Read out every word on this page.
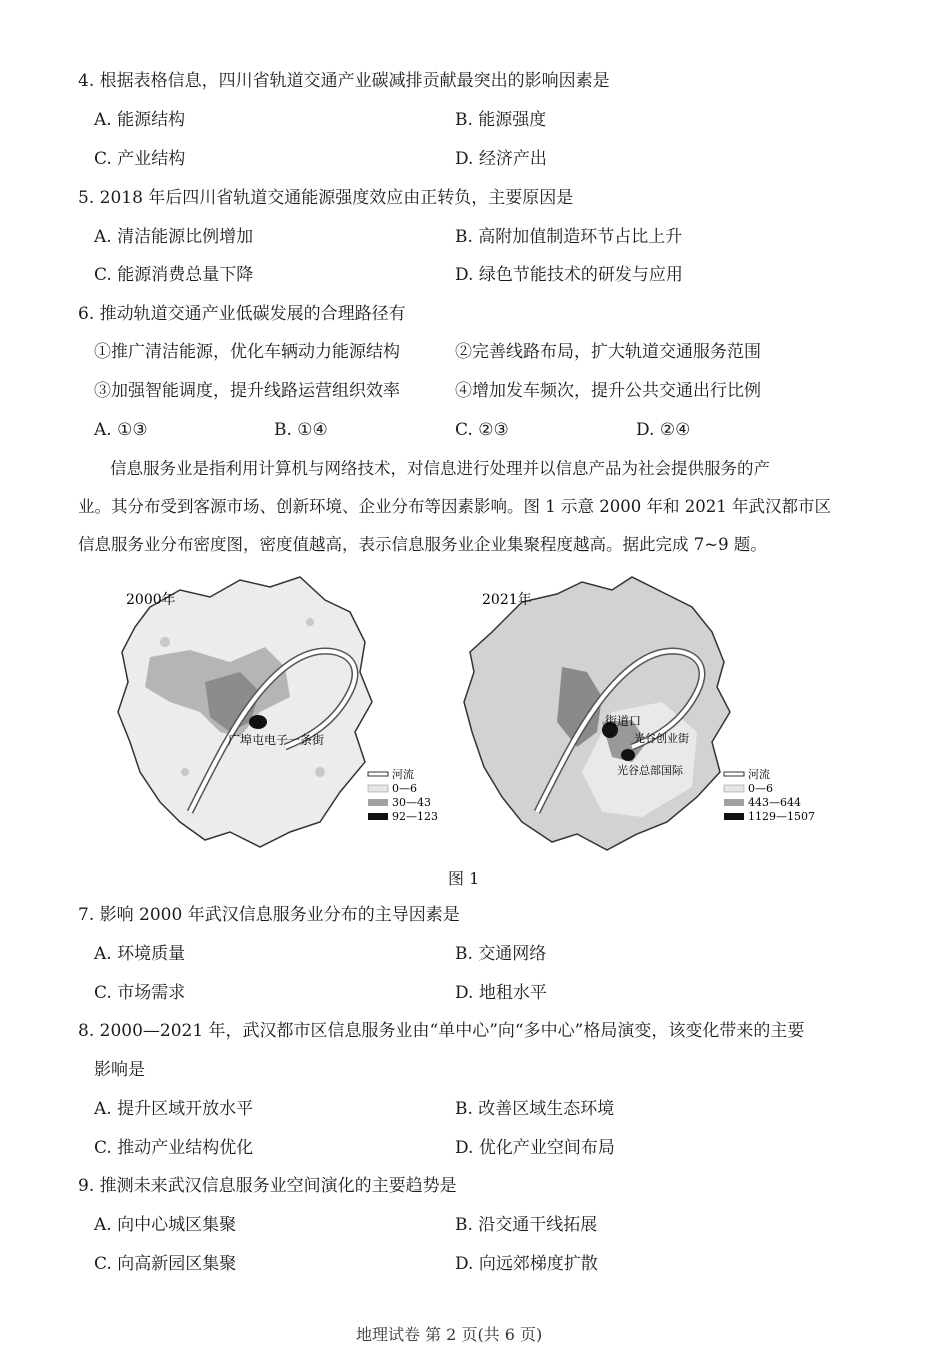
4. 根据表格信息，四川省轨道交通产业碳减排贡献最突出的影响因素是
A. 能源结构	B. 能源强度
C. 产业结构	D. 经济产出
5. 2018 年后四川省轨道交通能源强度效应由正转负，主要原因是
A. 清洁能源比例增加	B. 高附加值制造环节占比上升
C. 能源消费总量下降	D. 绿色节能技术的研发与应用
6. 推动轨道交通产业低碳发展的合理路径有
①推广清洁能源，优化车辆动力能源结构	②完善线路布局，扩大轨道交通服务范围
③加强智能调度，提升线路运营组织效率	④增加发车频次，提升公共交通出行比例
A. ①③	B. ①④	C. ②③	D. ②④
信息服务业是指利用计算机与网络技术，对信息进行处理并以信息产品为社会提供服务的产
业。其分布受到客源市场、创新环境、企业分布等因素影响。图 1 示意 2000 年和 2021 年武汉都市区
信息服务业分布密度图，密度值越高，表示信息服务业企业集聚程度越高。据此完成 7~9 题。
2000年
广埠屯电子一条街
河流
0—6
30—43
92—123
2021年
街道口
光谷创业街
光谷总部国际	河流
0—6
443—644
1129—1507
图 1
7. 影响 2000 年武汉信息服务业分布的主导因素是
A. 环境质量	B. 交通网络
C. 市场需求	D. 地租水平
8. 2000—2021 年，武汉都市区信息服务业由“单中心”向“多中心”格局演变，该变化带来的主要
影响是
A. 提升区域开放水平	B. 改善区域生态环境
C. 推动产业结构优化	D. 优化产业空间布局
9. 推测未来武汉信息服务业空间演化的主要趋势是
A. 向中心城区集聚	B. 沿交通干线拓展
C. 向高新园区集聚	D. 向远郊梯度扩散
地理试卷 第 2 页(共 6 页)
